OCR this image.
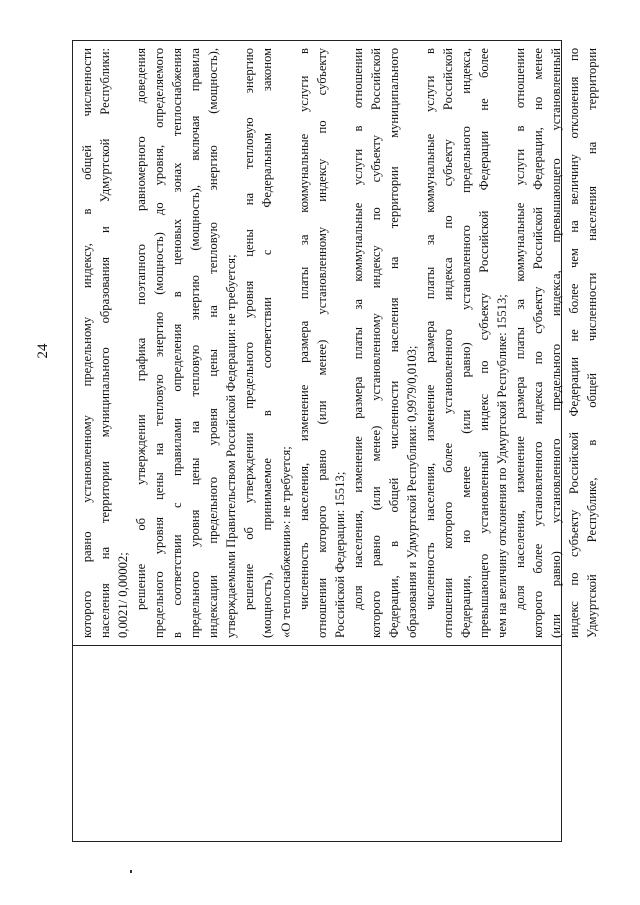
24	которого равно установленному предельному индексу, в общей численности населения на территории муниципального образования и Удмуртской Республики: 0,0021/ 0,00002; решение об утверждении графика поэтапного равномерного доведения предельного уровня цены на тепловую энергию (мощность) до уровня, определяемого в соответствии с правилами определения в ценовых зонах теплоснабжения предельного уровня цены на тепловую энергию (мощность), включая правила индексации предельного уровня цены на тепловую энергию (мощность), утверждаемыми Правительством Российской Федерации: не требуется; решение об утверждении предельного уровня цены на тепловую энергию (мощность), принимаемое в соответствии с Федеральным законом «О теплоснабжении»: не требуется; численность населения, изменение размера платы за коммунальные услуги в отношении которого равно (или менее) установленному индексу по субъекту Российской Федерации: 15513; доля населения, изменение размера платы за коммунальные услуги в отношении которого равно (или менее) установленному индексу по субъекту Российской Федерации, в общей численности населения на территории муниципального образования и Удмуртской Республики: 0,9979/0,0103; численность населения, изменение размера платы за коммунальные услуги в отношении которого более установленного индекса по субъекту Российской Федерации, но менее (или равно) установленного предельного индекса, превышающего установленный индекс по субъекту Российской Федерации не более чем на величину отклонения по Удмуртской Республике: 15513; доля населения, изменение размера платы за коммунальные услуги в отношении которого более установленного индекса по субъекту Российской Федерации, но менее (или равно) установленного предельного индекса, превышающего установленный индекс по субъекту Российской Федерации не более чем на величину отклонения по Удмуртской Республике, в общей численности населения на территории
